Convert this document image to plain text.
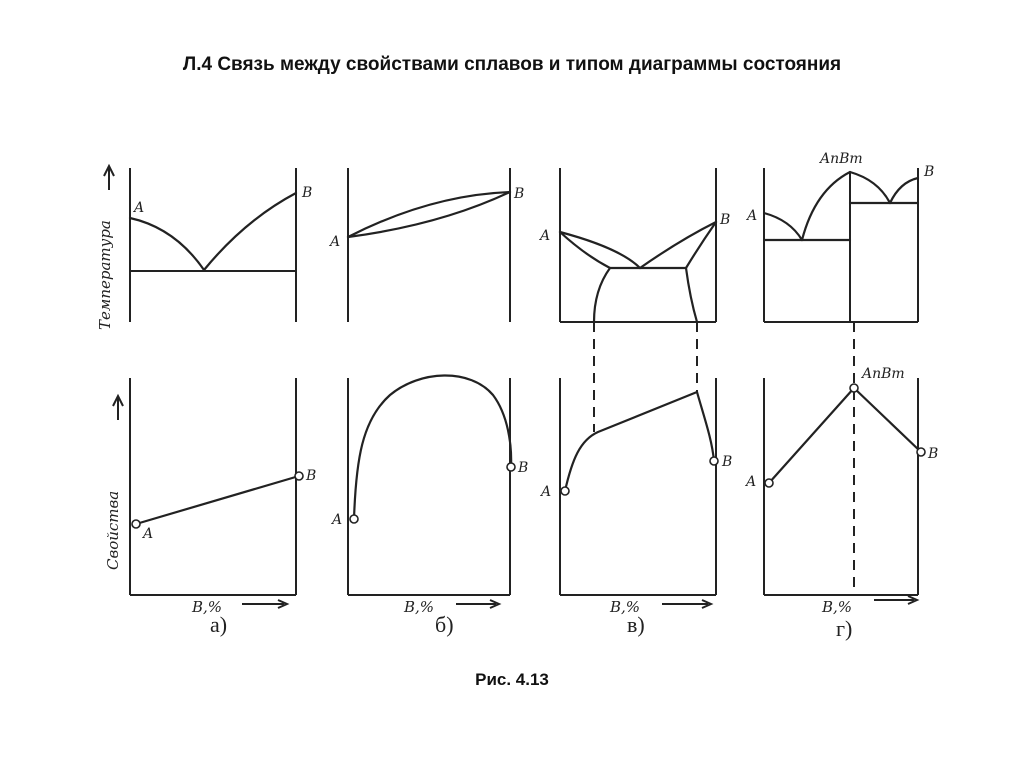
Л.4 Связь между свойствами сплавов и типом диаграммы состояния
Температура
Свойства
A
B
A
B
В,%
а)
A
B
A
B
В,%
б)
A
B
A
B
В,%
в)
A
B
AnBm
A
B
AnBm
В,%
г)
Рис. 4.13
